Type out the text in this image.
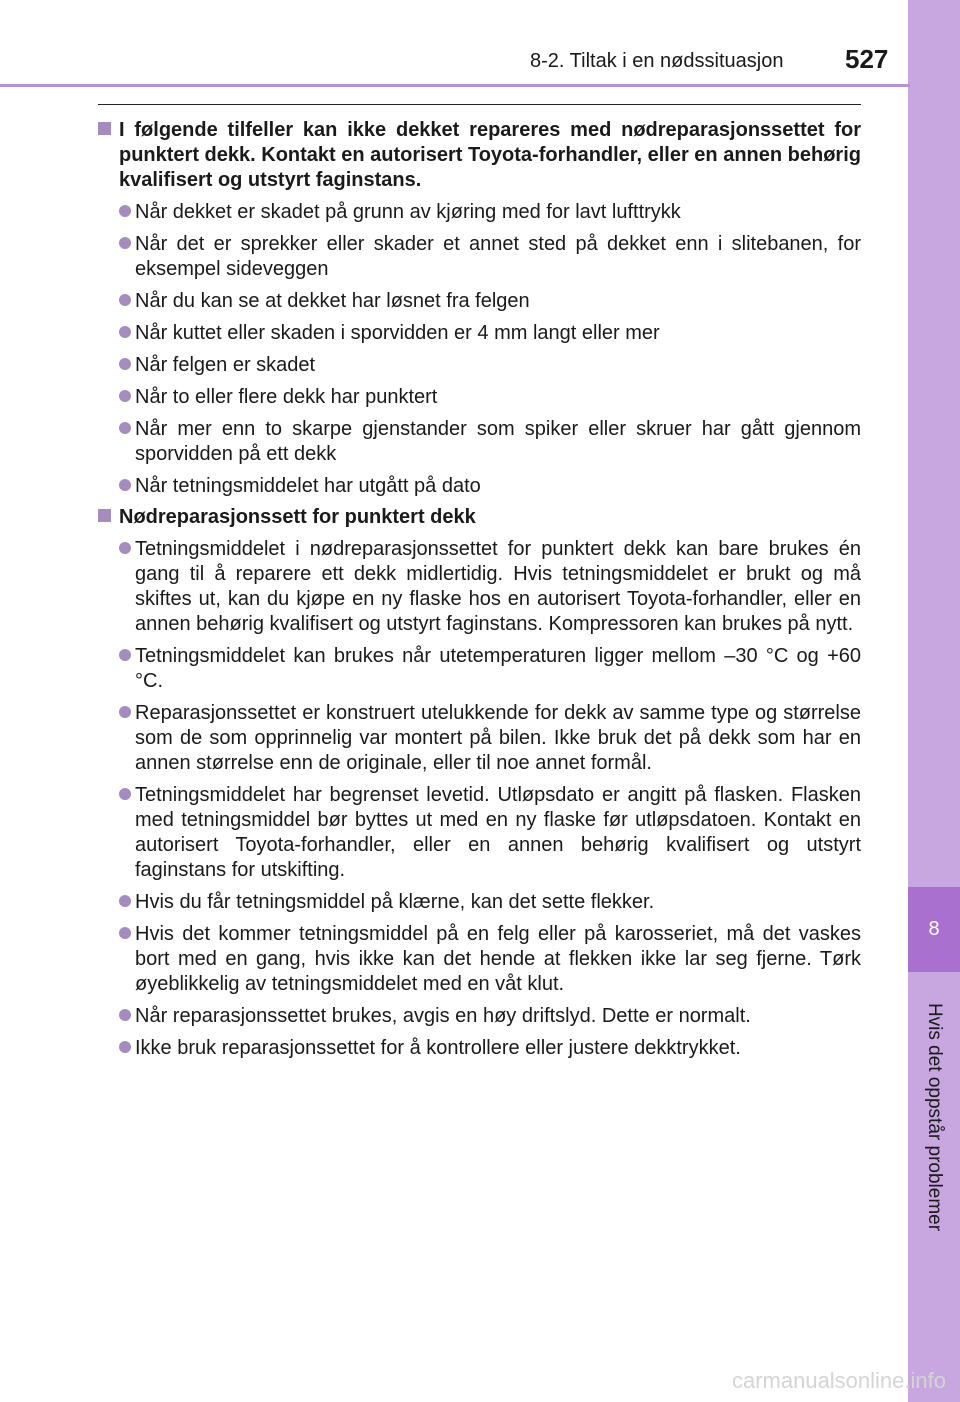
8
Hvis det oppstår problemer
8-2. Tiltak i en nødssituasjon 527
I følgende tilfeller kan ikke dekket repareres med nødreparasjonssettet for punktert dekk. Kontakt en autorisert Toyota-forhandler, eller en annen behørig kvalifisert og utstyrt faginstans.
Når dekket er skadet på grunn av kjøring med for lavt lufttrykk
Når det er sprekker eller skader et annet sted på dekket enn i slitebanen, for eksempel sideveggen
Når du kan se at dekket har løsnet fra felgen
Når kuttet eller skaden i sporvidden er 4 mm langt eller mer
Når felgen er skadet
Når to eller flere dekk har punktert
Når mer enn to skarpe gjenstander som spiker eller skruer har gått gjennom sporvidden på ett dekk
Når tetningsmiddelet har utgått på dato
Nødreparasjonssett for punktert dekk
Tetningsmiddelet i nødreparasjonssettet for punktert dekk kan bare brukes én gang til å reparere ett dekk midlertidig. Hvis tetningsmiddelet er brukt og må skiftes ut, kan du kjøpe en ny flaske hos en autorisert Toyota-forhandler, eller en annen behørig kvalifisert og utstyrt faginstans. Kompressoren kan brukes på nytt.
Tetningsmiddelet kan brukes når utetemperaturen ligger mellom –30 °C og +60 °C.
Reparasjonssettet er konstruert utelukkende for dekk av samme type og størrelse som de som opprinnelig var montert på bilen. Ikke bruk det på dekk som har en annen størrelse enn de originale, eller til noe annet formål.
Tetningsmiddelet har begrenset levetid. Utløpsdato er angitt på flasken. Flasken med tetningsmiddel bør byttes ut med en ny flaske før utløpsdatoen. Kontakt en autorisert Toyota-forhandler, eller en annen behørig kvalifisert og utstyrt faginstans for utskifting.
Hvis du får tetningsmiddel på klærne, kan det sette flekker.
Hvis det kommer tetningsmiddel på en felg eller på karosseriet, må det vaskes bort med en gang, hvis ikke kan det hende at flekken ikke lar seg fjerne. Tørk øyeblikkelig av tetningsmiddelet med en våt klut.
Når reparasjonssettet brukes, avgis en høy driftslyd. Dette er normalt.
Ikke bruk reparasjonssettet for å kontrollere eller justere dekktrykket.
carmanualsonline.info
